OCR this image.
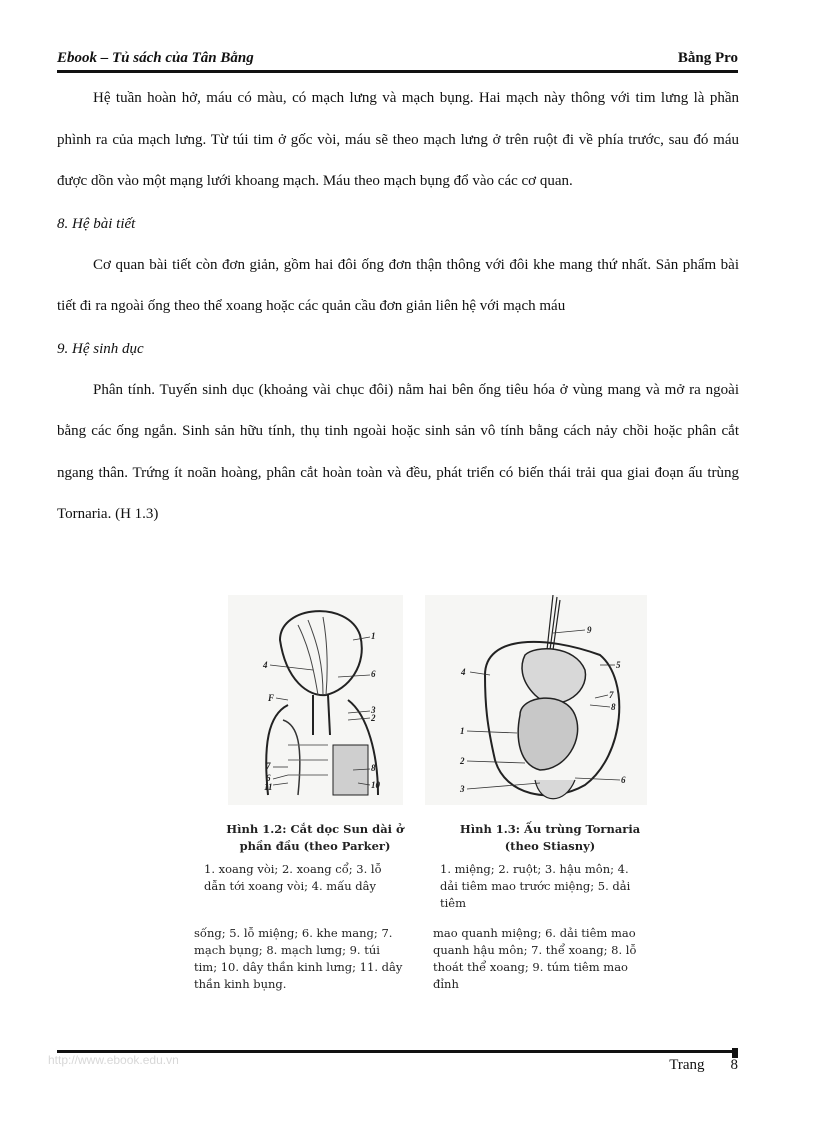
Ebook – Tủ sách của Tân Bằng	Bằng Pro

Hệ tuần hoàn hở, máu có màu, có mạch lưng và mạch bụng. Hai mạch này thông với tim lưng là phần phình ra của mạch lưng. Từ túi tim ở gốc vòi, máu sẽ theo mạch lưng ở trên ruột đi về phía trước, sau đó máu được dồn vào một mạng lưới khoang mạch. Máu theo mạch bụng đổ vào các cơ quan.

8. Hệ bài tiết

Cơ quan bài tiết còn đơn giản, gồm hai đôi ống đơn thận thông với đôi khe mang thứ nhất. Sản phẩm bài tiết đi ra ngoài ống theo thể xoang hoặc các quản cầu đơn giản liên hệ với mạch máu

9. Hệ sinh dục

Phân tính. Tuyến sinh dục (khoảng vài chục đôi) nằm hai bên ống tiêu hóa ở vùng mang và mở ra ngoài bằng các ống ngắn. Sinh sản hữu tính, thụ tinh ngoài hoặc sinh sản vô tính bằng cách nảy chồi hoặc phân cắt ngang thân. Trứng ít noãn hoàng, phân cắt hoàn toàn và đều, phát triển có biến thái trải qua giai đoạn ấu trùng Tornaria. (H 1.3)

1
4
6
F
3
2
7
6
11
8
10
9
4
5
7
8
1
2
3
6
Hình 1.2: Cắt dọc Sun dài ở phần đầu (theo Parker)
1. xoang vòi; 2. xoang cổ; 3. lỗ dẫn tới xoang vòi; 4. mấu dây
sống; 5. lỗ miệng; 6. khe mang; 7. mạch bụng; 8. mạch lưng; 9. túi tim; 10. dây thần kinh lưng; 11. dây thần kinh bụng.
Hình 1.3: Ấu trùng Tornaria (theo Stiasny)
1. miệng; 2. ruột; 3. hậu môn; 4. dải tiêm mao trước miệng; 5. dải tiêm
mao quanh miệng; 6. dải tiêm mao quanh hậu môn; 7. thể xoang; 8. lỗ thoát thể xoang; 9. túm tiêm mao đỉnh
http://www.ebook.edu.vn	Trang 8
